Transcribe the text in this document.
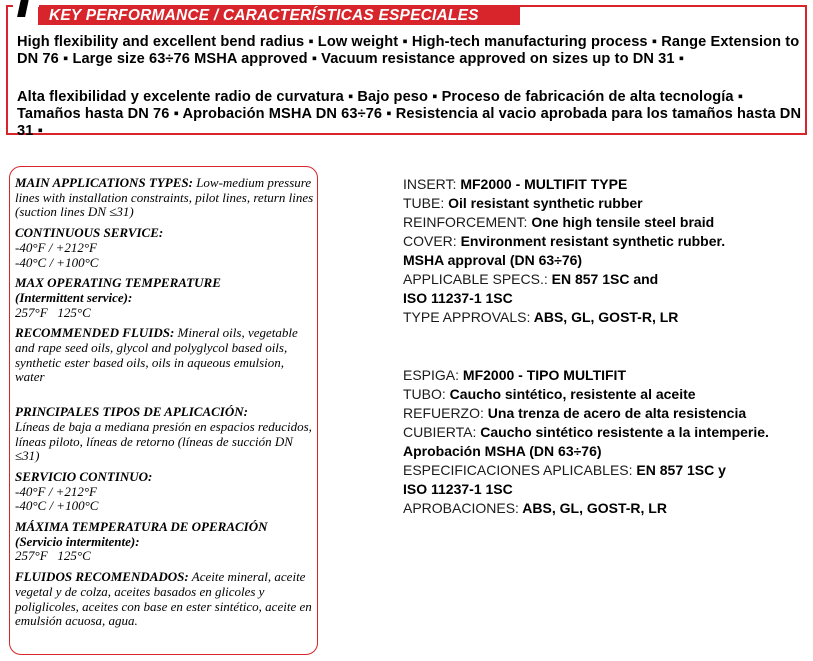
KEY PERFORMANCE / CARACTERÍSTICAS ESPECIALES
High flexibility and excellent bend radius ▪ Low weight ▪ High-tech manufacturing process ▪ Range Extension to DN 76 ▪ Large size 63÷76 MSHA approved ▪ Vacuum resistance approved on sizes up to DN 31 ▪
Alta flexibilidad y excelente radio de curvatura ▪ Bajo peso ▪ Proceso de fabricación de alta tecnología ▪ Tamaños hasta DN 76 ▪ Aprobación MSHA DN 63÷76 ▪ Resistencia al vacio aprobada para los tamaños hasta DN 31 ▪

MAIN APPLICATIONS TYPES: Low-medium pressure lines with installation constraints, pilot lines, return lines (suction lines DN ≤31)

CONTINUOUS SERVICE:

-40°F / +212°F

-40°C / +100°C

MAX OPERATING TEMPERATURE

(Intermittent service):

257°F   125°C

RECOMMENDED FLUIDS: Mineral oils, vegetable and rape seed oils, glycol and polyglycol based oils, synthetic ester based oils, oils in aqueous emulsion, water

PRINCIPALES TIPOS DE APLICACIÓN:

Líneas de baja a mediana presión en espacios reducidos, líneas piloto, líneas de retorno (líneas de succión DN ≤31)

SERVICIO CONTINUO:

-40°F / +212°F

-40°C / +100°C

MÁXIMA TEMPERATURA DE OPERACIÓN

(Servicio intermitente):

257°F   125°C

FLUIDOS RECOMENDADOS: Aceite mineral, aceite vegetal y de colza, aceites basados en glicoles y poliglicoles, aceites con base en ester sintético, aceite en emulsión acuosa, agua.

INSERT: MF2000 - MULTIFIT TYPE

TUBE: Oil resistant synthetic rubber

REINFORCEMENT: One high tensile steel braid

COVER: Environment resistant synthetic rubber.

MSHA approval (DN 63÷76)

APPLICABLE SPECS.: EN 857 1SC and

ISO 11237-1 1SC

TYPE APPROVALS: ABS, GL, GOST-R, LR

ESPIGA: MF2000 - TIPO MULTIFIT

TUBO: Caucho sintético, resistente al aceite

REFUERZO: Una trenza de acero de alta resistencia

CUBIERTA: Caucho sintético resistente a la intemperie.

Aprobación MSHA (DN 63÷76)

ESPECIFICACIONES APLICABLES: EN 857 1SC y

ISO 11237-1 1SC

APROBACIONES: ABS, GL, GOST-R, LR
